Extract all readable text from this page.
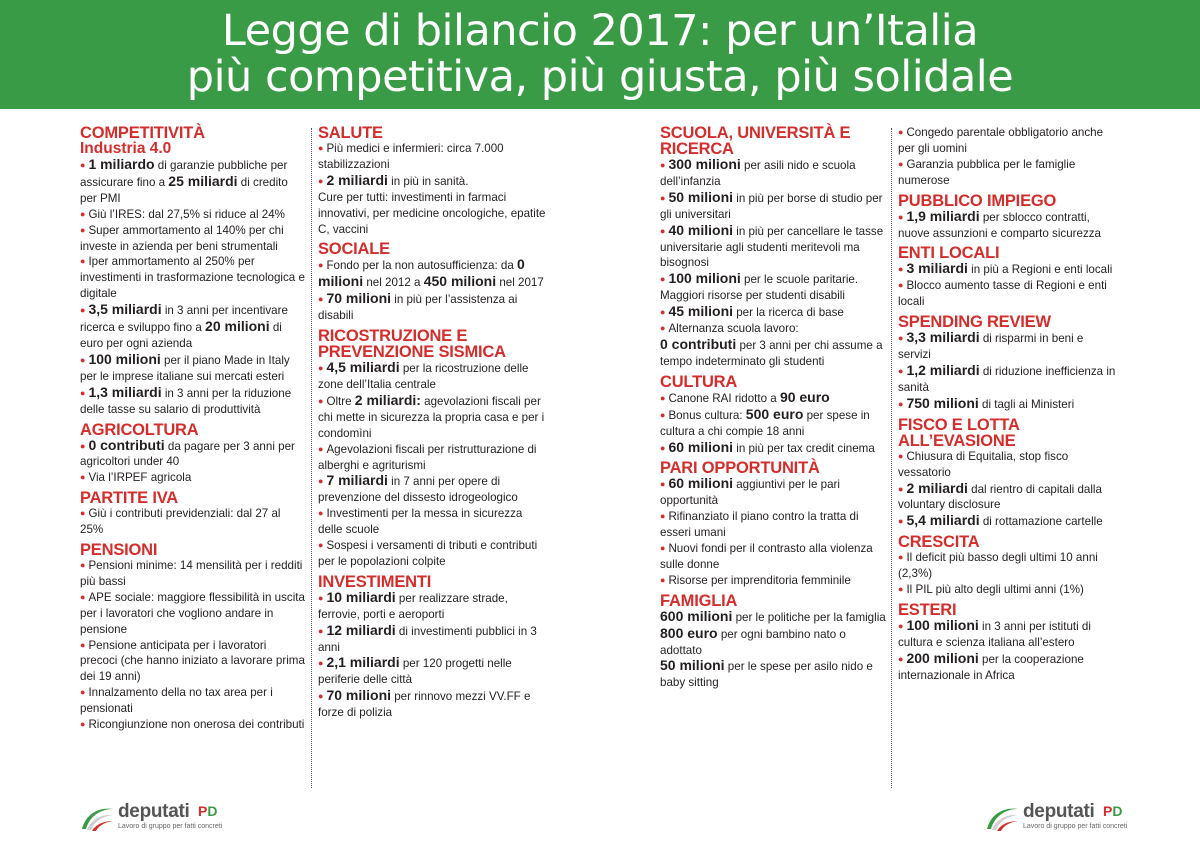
Legge di bilancio 2017: per un’Italia
più competitiva, più giusta, più solidale
COMPETITIVITÀ
Industria 4.0
● 1 miliardo di garanzie pubbliche per assicurare fino a 25 miliardi di credito per PMI
● Giù l’IRES: dal 27,5% si riduce al 24%
● Super ammortamento al 140% per chi investe in azienda per beni strumentali
● Iper ammortamento al 250% per investimenti in trasformazione tecnologica e digitale
● 3,5 miliardi in 3 anni per incentivare ricerca e sviluppo fino a 20 milioni di euro per ogni azienda
● 100 milioni per il piano Made in Italy per le imprese italiane sui mercati esteri
● 1,3 miliardi in 3 anni per la riduzione delle tasse su salario di produttività
AGRICOLTURA
● 0 contributi da pagare per 3 anni per agricoltori under 40
● Via l’IRPEF agricola
PARTITE IVA
● Giù i contributi previdenziali: dal 27 al 25%
PENSIONI
● Pensioni minime: 14 mensilità per i redditi più bassi
● APE sociale: maggiore flessibilità in uscita per i lavoratori che vogliono andare in pensione
● Pensione anticipata per i lavoratori precoci (che hanno iniziato a lavorare prima dei 19 anni)
● Innalzamento della no tax area per i pensionati
● Ricongiunzione non onerosa dei contributi
SALUTE
● Più medici e infermieri: circa 7.000 stabilizzazioni
● 2 miliardi in più in sanità.
Cure per tutti: investimenti in farmaci innovativi, per medicine oncologiche, epatite C, vaccini
SOCIALE
● Fondo per la non autosufficienza: da 0 milioni nel 2012 a 450 milioni nel 2017
● 70 milioni in più per l’assistenza ai disabili
RICOSTRUZIONE E PREVENZIONE SISMICA
● 4,5 miliardi per la ricostruzione delle zone dell’Italia centrale
● Oltre 2 miliardi: agevolazioni fiscali per chi mette in sicurezza la propria casa e per i condomìni
● Agevolazioni fiscali per ristrutturazione di alberghi e agriturismi
● 7 miliardi in 7 anni per opere di prevenzione del dissesto idrogeologico
● Investimenti per la messa in sicurezza delle scuole
● Sospesi i versamenti di tributi e contributi per le popolazioni colpite
INVESTIMENTI
● 10 miliardi per realizzare strade, ferrovie, porti e aeroporti
● 12 miliardi di investimenti pubblici in 3 anni
● 2,1 miliardi per 120 progetti nelle periferie delle città
● 70 milioni per rinnovo mezzi VV.FF e forze di polizia
SCUOLA, UNIVERSITÀ E RICERCA
● 300 milioni per asili nido e scuola dell’infanzia
● 50 milioni in più per borse di studio per gli universitari
● 40 milioni in più per cancellare le tasse universitarie agli studenti meritevoli ma bisognosi
● 100 milioni per le scuole paritarie. Maggiori risorse per studenti disabili
● 45 milioni per la ricerca di base
● Alternanza scuola lavoro:
0 contributi per 3 anni per chi assume a tempo indeterminato gli studenti
CULTURA
● Canone RAI ridotto a 90 euro
● Bonus cultura: 500 euro per spese in cultura a chi compie 18 anni
● 60 milioni in più per tax credit cinema
PARI OPPORTUNITÀ
● 60 milioni aggiuntivi per le pari opportunità
● Rifinanziato il piano contro la tratta di esseri umani
● Nuovi fondi per il contrasto alla violenza sulle donne
● Risorse per imprenditoria femminile
FAMIGLIA
600 milioni per le politiche per la famiglia
800 euro per ogni bambino nato o adottato
50 milioni per le spese per asilo nido e baby sitting
● Congedo parentale obbligatorio anche per gli uomini
● Garanzia pubblica per le famiglie numerose
PUBBLICO IMPIEGO
● 1,9 miliardi per sblocco contratti, nuove assunzioni e comparto sicurezza
ENTI LOCALI
● 3 miliardi in più a Regioni e enti locali
● Blocco aumento tasse di Regioni e enti locali
SPENDING REVIEW
● 3,3 miliardi di risparmi in beni e servizi
● 1,2 miliardi di riduzione inefficienza in sanità
● 750 milioni di tagli ai Ministeri
FISCO E LOTTA ALL’EVASIONE
● Chiusura di Equitalia, stop fisco vessatorio
● 2 miliardi dal rientro di capitali dalla voluntary disclosure
● 5,4 miliardi di rottamazione cartelle
CRESCITA
● Il deficit più basso degli ultimi 10 anni (2,3%)
● Il PIL più alto degli ultimi anni (1%)
ESTERI
● 100 milioni in 3 anni per istituti di cultura e scienza italiana all’estero
● 200 milioni per la cooperazione internazionale in Africa
deputati PD
Lavoro di gruppo per fatti concreti
deputati PD
Lavoro di gruppo per fatti concreti
